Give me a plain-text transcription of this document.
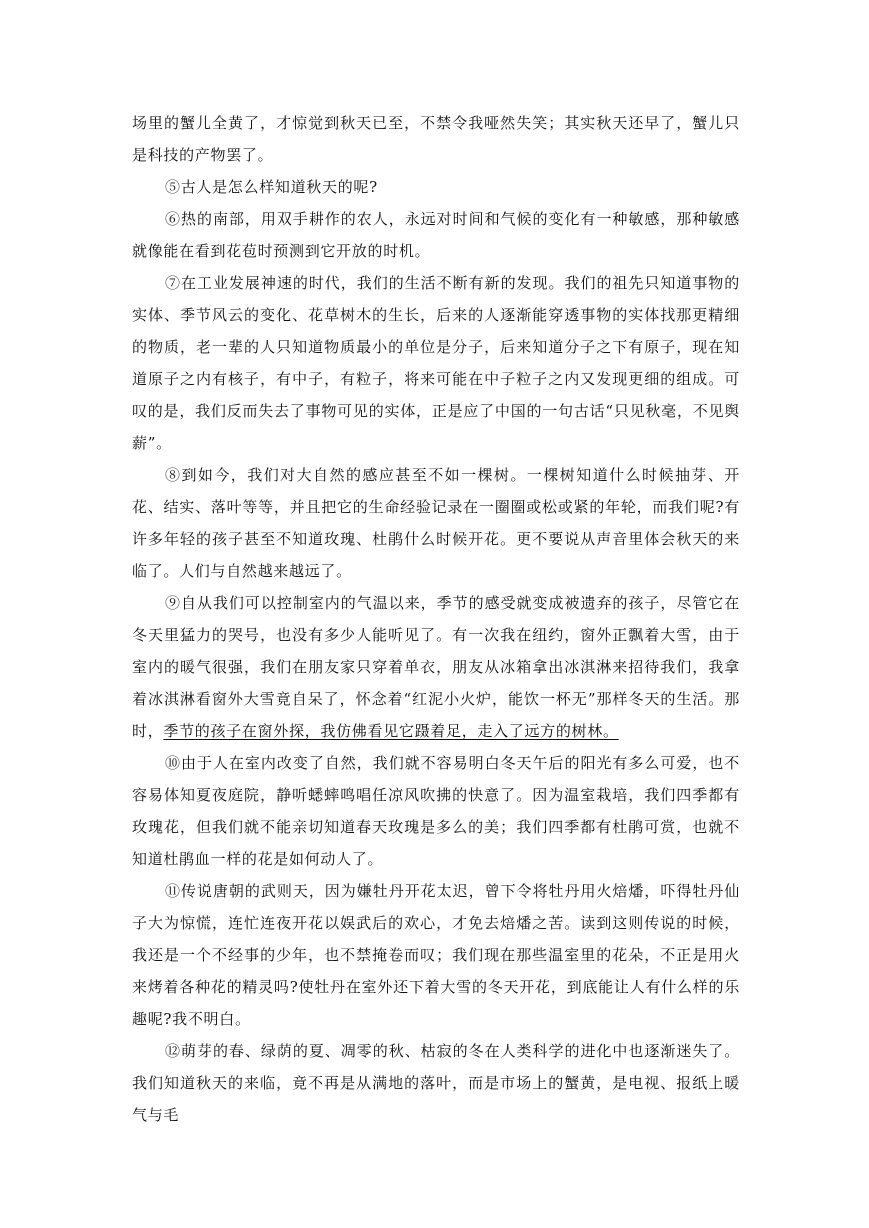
场里的蟹儿全黄了，才惊觉到秋天已至，不禁令我哑然失笑；其实秋天还早了，蟹儿只是科技的产物罢了。

⑤古人是怎么样知道秋天的呢?

⑥热的南部，用双手耕作的农人，永远对时间和气候的变化有一种敏感，那种敏感就像能在看到花苞时预测到它开放的时机。

⑦在工业发展神速的时代，我们的生活不断有新的发现。我们的祖先只知道事物的实体、季节风云的变化、花草树木的生长，后来的人逐渐能穿透事物的实体找那更精细的物质，老一辈的人只知道物质最小的单位是分子，后来知道分子之下有原子，现在知道原子之内有核子，有中子，有粒子，将来可能在中子粒子之内又发现更细的组成。可叹的是，我们反而失去了事物可见的实体，正是应了中国的一句古话“只见秋毫，不见舆薪”。

⑧到如今，我们对大自然的感应甚至不如一棵树。一棵树知道什么时候抽芽、开花、结实、落叶等等，并且把它的生命经验记录在一圈圈或松或紧的年轮，而我们呢?有许多年轻的孩子甚至不知道玫瑰、杜鹃什么时候开花。更不要说从声音里体会秋天的来临了。人们与自然越来越远了。

⑨自从我们可以控制室内的气温以来，季节的感受就变成被遗弃的孩子，尽管它在冬天里猛力的哭号，也没有多少人能听见了。有一次我在纽约，窗外正飘着大雪，由于室内的暖气很强，我们在朋友家只穿着单衣，朋友从冰箱拿出冰淇淋来招待我们，我拿着冰淇淋看窗外大雪竟自呆了，怀念着“红泥小火炉，能饮一杯无”那样冬天的生活。那时，季节的孩子在窗外探，我仿佛看见它蹑着足，走入了远方的树林。

⑩由于人在室内改变了自然，我们就不容易明白冬天午后的阳光有多么可爱，也不容易体知夏夜庭院，静听蟋蟀鸣唱任凉风吹拂的快意了。因为温室栽培，我们四季都有玫瑰花，但我们就不能亲切知道春天玫瑰是多么的美；我们四季都有杜鹃可赏，也就不知道杜鹃血一样的花是如何动人了。

⑪传说唐朝的武则天，因为嫌牡丹开花太迟，曾下令将牡丹用火焙燔，吓得牡丹仙子大为惊慌，连忙连夜开花以娱武后的欢心，才免去焙燔之苦。读到这则传说的时候，我还是一个不经事的少年，也不禁掩卷而叹；我们现在那些温室里的花朵，不正是用火来烤着各种花的精灵吗?使牡丹在室外还下着大雪的冬天开花，到底能让人有什么样的乐趣呢?我不明白。

⑫萌芽的春、绿荫的夏、凋零的秋、枯寂的冬在人类科学的进化中也逐渐迷失了。我们知道秋天的来临，竟不再是从满地的落叶，而是市场上的蟹黄，是电视、报纸上暖气与毛
